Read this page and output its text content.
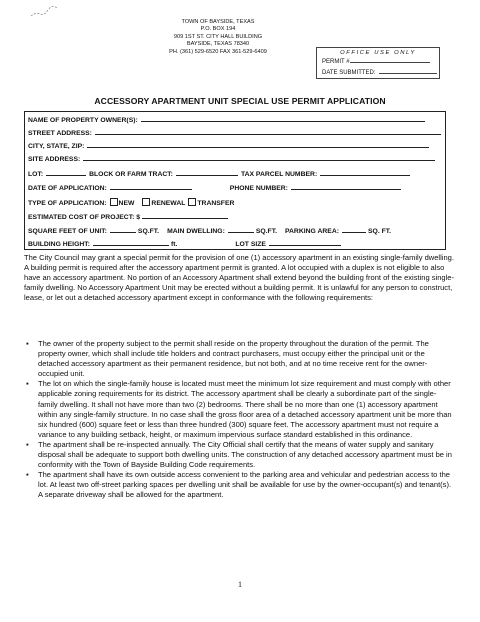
TOWN OF BAYSIDE, TEXAS
P.O. BOX 194
909 1ST ST. CITY HALL BUILDING
BAYSIDE, TEXAS 78340
PH. (361) 529-6520 FAX 361-529-6409	OFFICE USE ONLY
PERMIT #
DATE SUBMITTED:
ACCESSORY APARTMENT UNIT SPECIAL USE PERMIT APPLICATION
NAME OF PROPERTY OWNER(S):
STREET ADDRESS:
CITY, STATE, ZIP:
SITE ADDRESS:
LOT:	BLOCK OR FARM TRACT:	TAX PARCEL NUMBER:
DATE OF APPLICATION:	PHONE NUMBER:
TYPE OF APPLICATION: NEW	RENEWAL TRANSFER
ESTIMATED COST OF PROJECT: $
SQUARE FEET OF UNIT:	SQ.FT. MAIN DWELLING:	SQ.FT. PARKING AREA:	SQ. FT.
BUILDING HEIGHT:	ft.	LOT SIZE
The City Council may grant a special permit for the provision of one (1) accessory apartment in an existing single-family dwelling. A building permit is required after the accessory apartment permit is granted. A lot occupied with a duplex is not eligible to also have an accessory apartment. No portion of an Accessory Apartment shall extend beyond the building front of the existing single-family dwelling. No Accessory Apartment Unit may be erected without a building permit. It is unlawful for any person to construct, lease, or let out a detached accessory apartment except in conformance with the following requirements:
▪ The owner of the property subject to the permit shall reside on the property throughout the duration of the permit. The property owner, which shall include title holders and contract purchasers, must occupy either the principal unit or the detached accessory apartment as their permanent residence, but not both, and at no time receive rent for the owner-occupied unit.
▪ The lot on which the single-family house is located must meet the minimum lot size requirement and must comply with other applicable zoning requirements for its district. The accessory apartment shall be clearly a subordinate part of the single-family dwelling. It shall not have more than two (2) bedrooms. There shall be no more than one (1) accessory apartment within any single-family structure. In no case shall the gross floor area of a detached accessory apartment unit be more than six hundred (600) square feet or less than three hundred (300) square feet. The accessory apartment must not require a variance to any building setback, height, or maximum impervious surface standard established in this ordinance.
▪ The apartment shall be re-inspected annually. The City Official shall certify that the means of water supply and sanitary disposal shall be adequate to support both dwelling units. The construction of any detached accessory apartment must be in conformity with the Town of Bayside Building Code requirements.
▪ The apartment shall have its own outside access convenient to the parking area and vehicular and pedestrian access to the lot. At least two off-street parking spaces per dwelling unit shall be available for use by the owner-occupant(s) and tenant(s). A separate driveway shall be allowed for the apartment.
1
